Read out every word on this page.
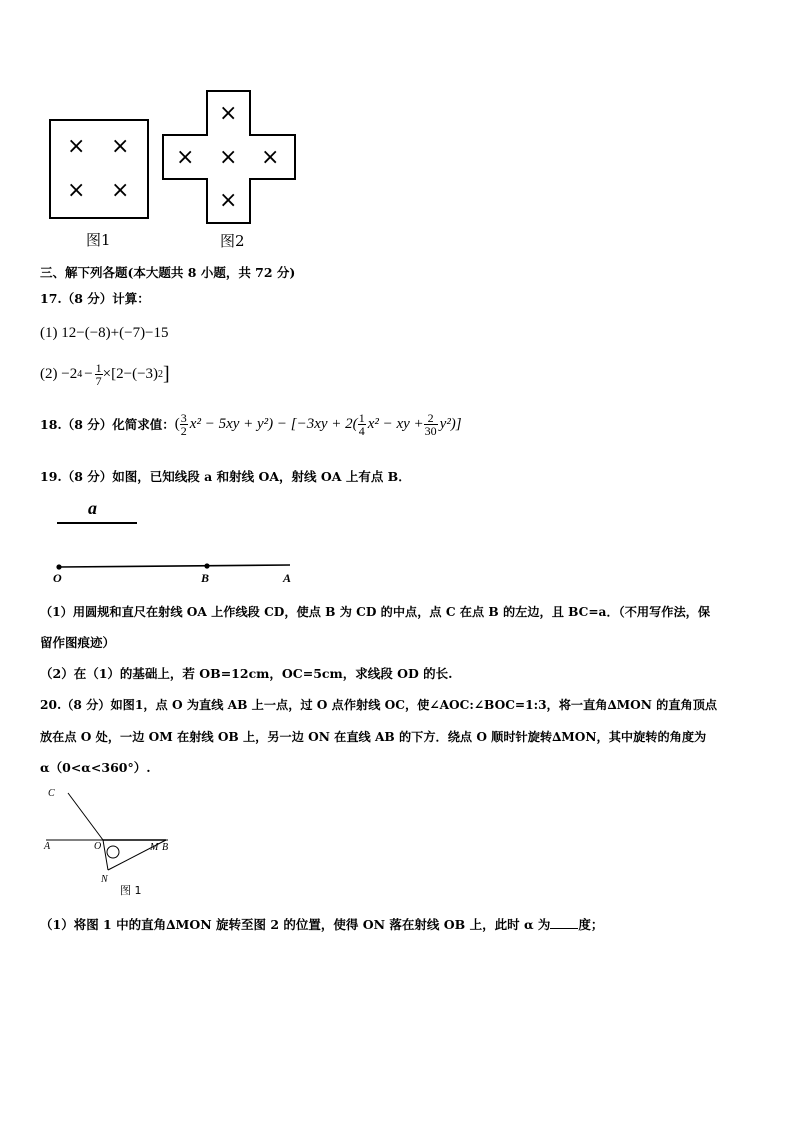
× ×
× ×
图1
×
× × ×
×
图2
三、解下列各题(本大题共 8 小题，共 72 分)
17.（8 分）计算：
(1) 12−(−8)+(−7)−15
(2) −2 $4 - \frac{1}{7} \times[2-(-3)$ 2 ]
18.（8 分）化简求值： ( $\frac{3}{2} x^2 - 5xy + y^2) - [-3xy + 2( \frac{1}{4} x^2$ − xy + $\frac{2}{30} y^2$)]
19.（8 分）如图，已知线段 a 和射线 OA，射线 OA 上有点 B．
a
O	B	A
（1）用圆规和直尺在射线 OA 上作线段 CD，使点 B 为 CD 的中点，点 C 在点 B 的左边，且 BC=a．（不用写作法，保
留作图痕迹）
（2）在（1）的基础上，若 OB=12cm，OC=5cm，求线段 OD 的长.
20.（8 分）如图1，点 O 为直线 AB 上一点，过 O 点作射线 OC，使∠AOC:∠BOC=1:3，将一直角∆MON 的直角顶点
放在点 O 处，一边 OM 在射线 OB 上，另一边 ON 在直线 AB 的下方．绕点 O 顺时针旋转∆MON，其中旋转的角度为
α（0<α<360°）.
C
A	O	M B
N
图 1
（1）将图 1 中的直角∆MON 旋转至图 2 的位置，使得 ON 落在射线 OB 上，此时 α 为 度；
